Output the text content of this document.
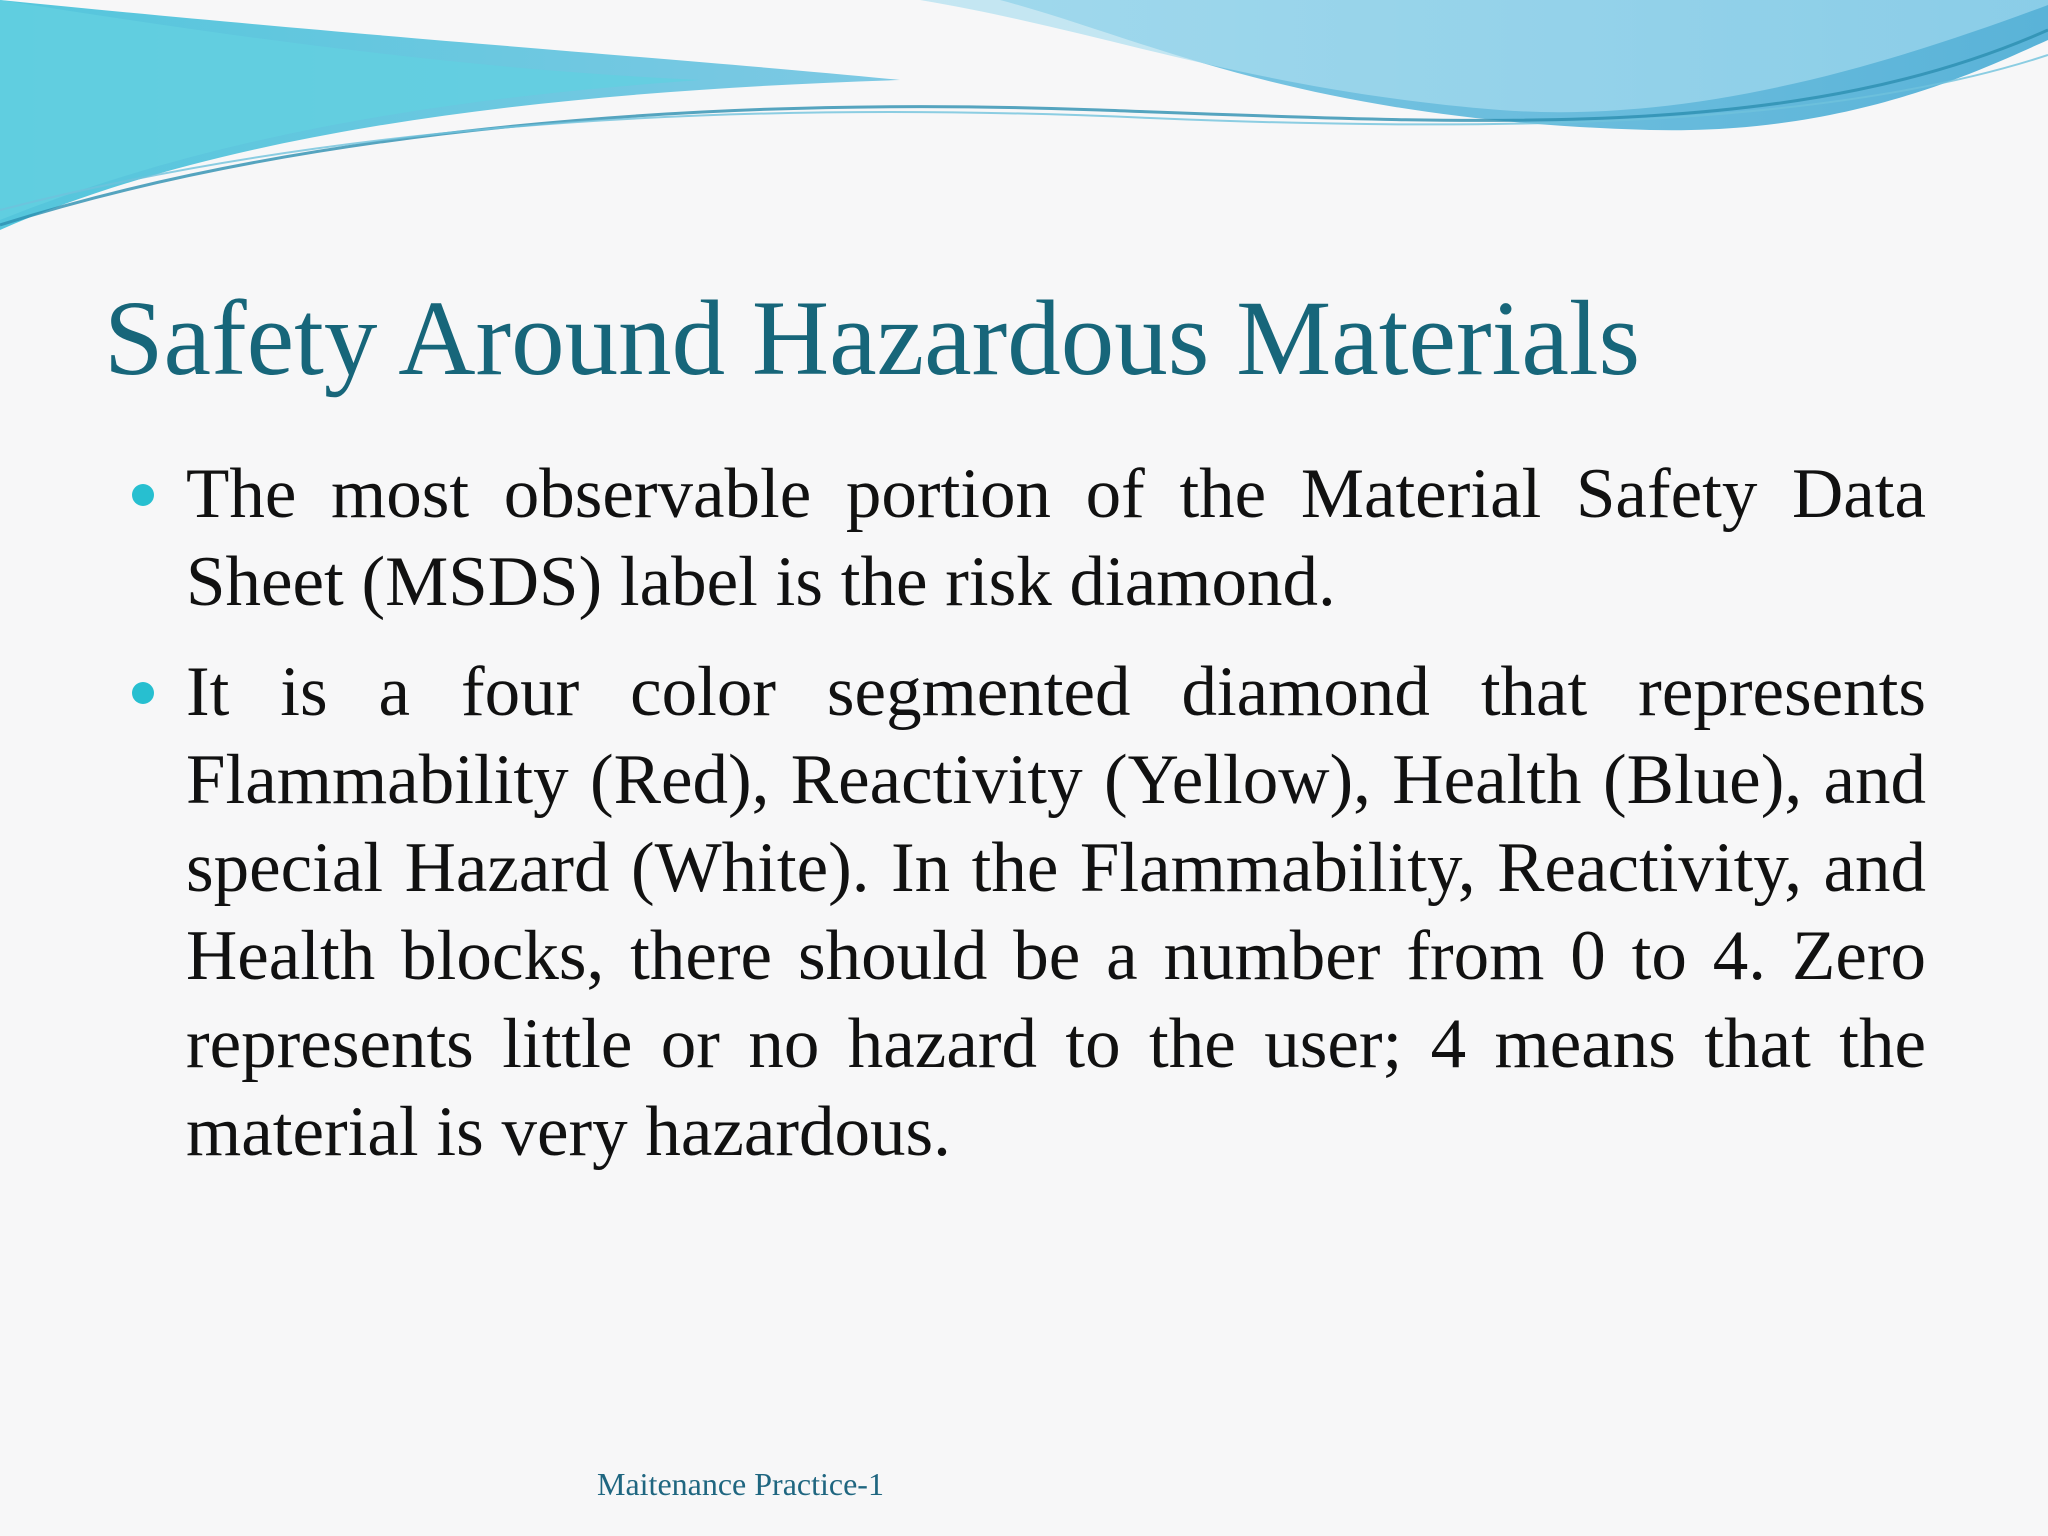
Safety Around Hazardous Materials

The most observable portion of the Material Safety Data Sheet (MSDS) label is the risk diamond.

It is a four color segmented diamond that represents Flammability (Red), Reactivity (Yellow), Health (Blue), and special Hazard (White). In the Flammability, Reactivity, and Health blocks, there should be a number from 0 to 4. Zero represents little or no hazard to the user; 4 means that the material is very hazardous.

Maitenance Practice-1
